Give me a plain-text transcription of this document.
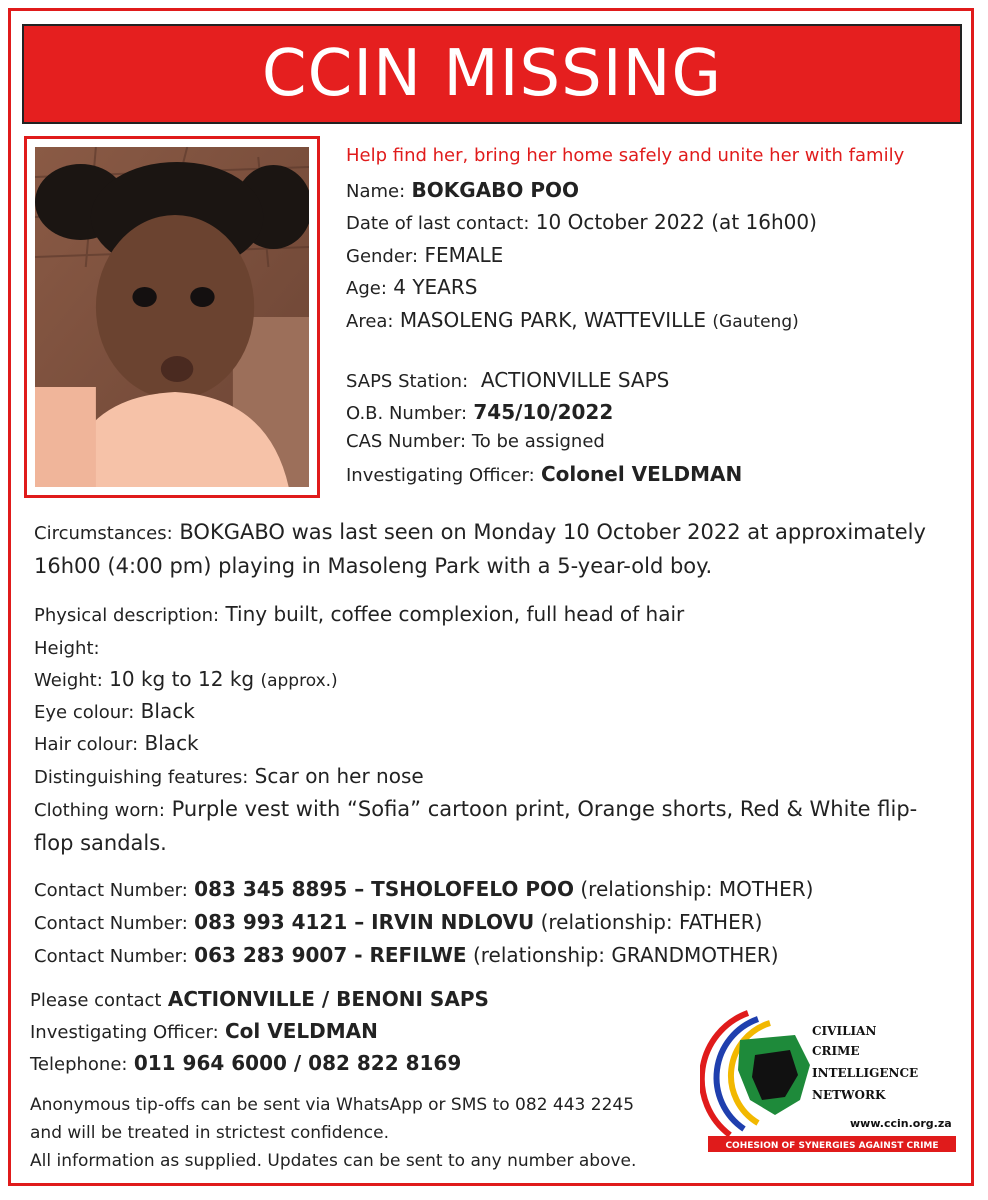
CCIN MISSING
Help find her, bring her home safely and unite her with family
Name: BOKGABO POO
Date of last contact: 10 October 2022 (at 16h00)
Gender: FEMALE
Age: 4 YEARS
Area: MASOLENG PARK, WATTEVILLE (Gauteng)
SAPS Station: ACTIONVILLE SAPS
O.B. Number: 745/10/2022
CAS Number: To be assigned
Investigating Officer: Colonel VELDMAN
Circumstances: BOKGABO was last seen on Monday 10 October 2022 at approximately 16h00 (4:00 pm) playing in Masoleng Park with a 5-year-old boy.
Physical description: Tiny built, coffee complexion, full head of hair
Height:
Weight: 10 kg to 12 kg (approx.)
Eye colour: Black
Hair colour: Black
Distinguishing features: Scar on her nose
Clothing worn: Purple vest with “Sofia” cartoon print, Orange shorts, Red & White flip-flop sandals.
Contact Number: 083 345 8895 – TSHOLOFELO POO (relationship: MOTHER)
Contact Number: 083 993 4121 – IRVIN NDLOVU (relationship: FATHER)
Contact Number: 063 283 9007 - REFILWE (relationship: GRANDMOTHER)
Please contact ACTIONVILLE / BENONI SAPS
Investigating Officer: Col VELDMAN
Telephone: 011 964 6000 / 082 822 8169
Anonymous tip-offs can be sent via WhatsApp or SMS to 082 443 2245
and will be treated in strictest confidence.
All information as supplied. Updates can be sent to any number above.
CIVILIAN
CRIME
INTELLIGENCE
NETWORK
www.ccin.org.za
COHESION OF SYNERGIES AGAINST CRIME
